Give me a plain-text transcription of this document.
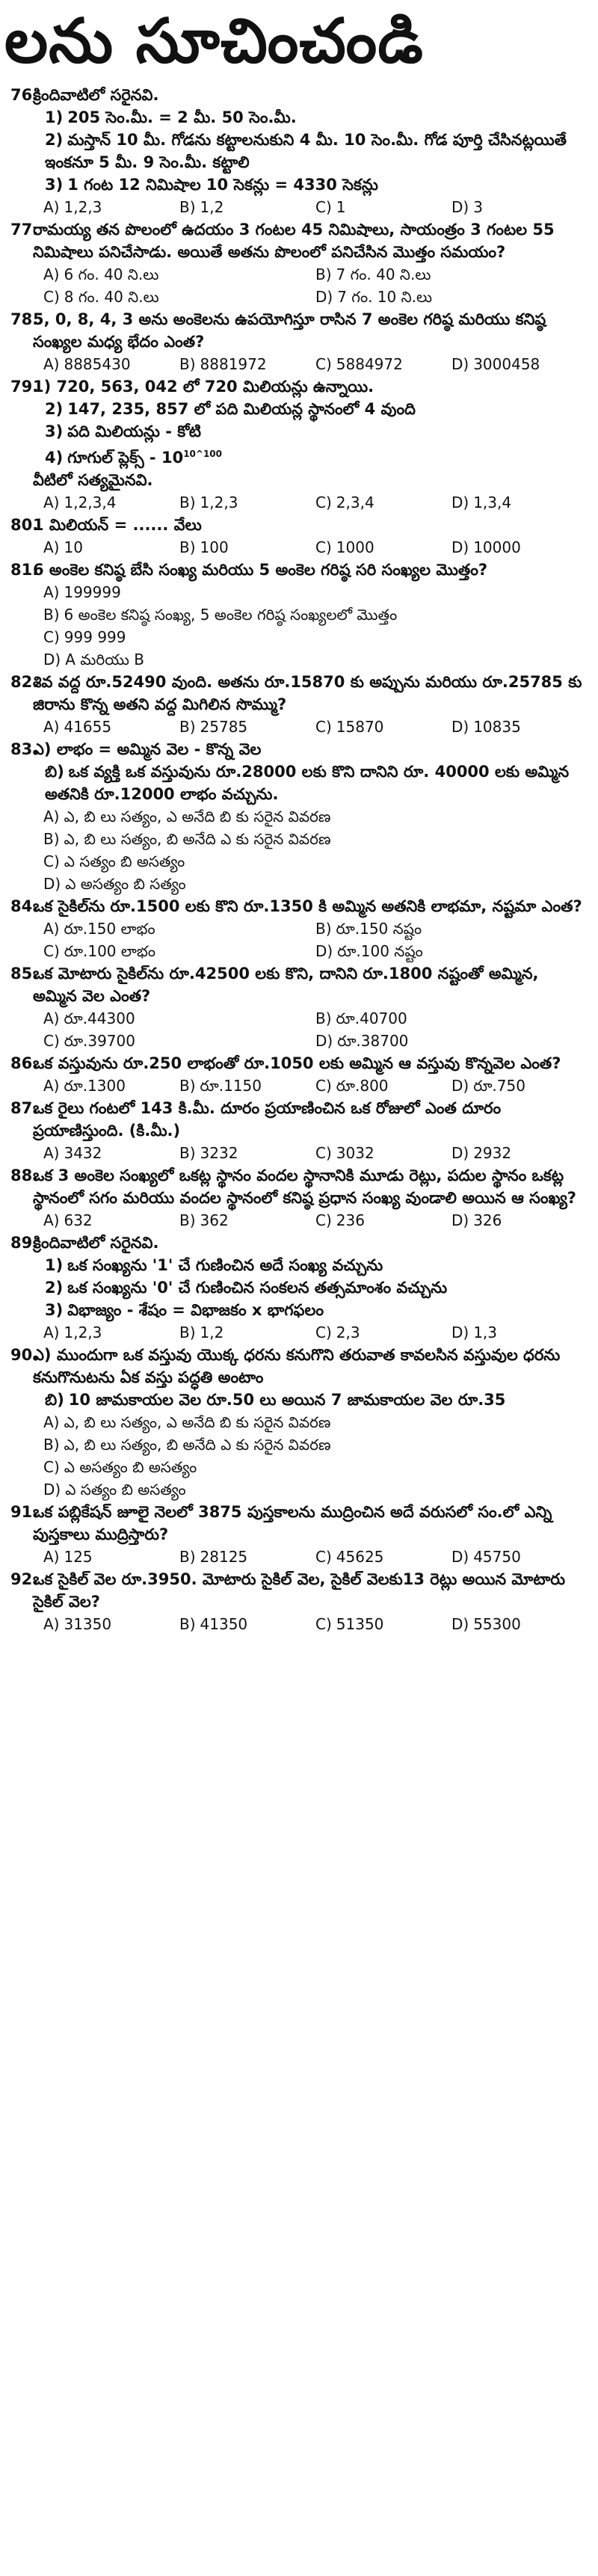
లను సూచించండి
76.
క్రిందివాటిలో సరైనవి.
1) 205 సెం.మీ. = 2 మీ. 50 సెం.మీ.
2) మస్తాన్ 10 మీ. గోడను కట్టాలనుకుని 4 మీ. 10 సెం.మీ. గోడ పూర్తి చేసినట్లయితే ఇంకనూ 5 మీ. 9 సెం.మీ. కట్టాలి
3) 1 గంట 12 నిమిషాల 10 సెకన్లు = 4330 సెకన్లు
A) 1,2,3	B) 1,2	C) 1	D) 3
77.
రామయ్య తన పొలంలో ఉదయం 3 గంటల 45 నిమిషాలు, సాయంత్రం 3 గంటల 55 నిమిషాలు పనిచేసాడు. అయితే అతను పొలంలో పనిచేసిన మొత్తం సమయం?
A) 6 గం. 40 ని.లు	B) 7 గం. 40 ని.లు
C) 8 గం. 40 ని.లు	D) 7 గం. 10 ని.లు
78.
5, 0, 8, 4, 3 అను అంకెలను ఉపయోగిస్తూ రాసిన 7 అంకెల గరిష్ఠ మరియు కనిష్ఠ సంఖ్యల మధ్య భేదం ఎంత?
A) 8885430	B) 8881972	C) 5884972	D) 3000458
79.
1) 720, 563, 042 లో 720 మిలియన్లు ఉన్నాయి.
2) 147, 235, 857 లో పది మిలియన్ల స్థానంలో 4 వుంది
3) పది మిలియన్లు - కోటి
4) గూగుల్ ప్లెక్స్ - $10^{10\^{}100}$
వీటిలో సత్యమైనవి.
A) 1,2,3,4	B) 1,2,3	C) 2,3,4	D) 1,3,4
80.
1 మిలియన్ = ...... వేలు
A) 10	B) 100	C) 1000	D) 10000
81.
6 అంకెల కనిష్ఠ బేసి సంఖ్య మరియు 5 అంకెల గరిష్ఠ సరి సంఖ్యల మొత్తం?
A) 199999
B) 6 అంకెల కనిష్ఠ సంఖ్య, 5 అంకెల గరిష్ఠ సంఖ్యలలో మొత్తం
C) 999 999
D) A మరియు B
82.
శివ వద్ద రూ.52490 వుంది. అతను రూ.15870 కు అప్పును మరియు రూ.25785 కు జిరాను కొన్న అతని వద్ద మిగిలిన సొమ్ము?
A) 41655	B) 25785	C) 15870	D) 10835
83.
ఎ) లాభం = అమ్మిన వెల - కొన్న వెల
బి) ఒక వ్యక్తి ఒక వస్తువును రూ.28000 లకు కొని దానిని రూ. 40000 లకు అమ్మిన అతనికి రూ.12000 లాభం వచ్చును.
A) ఎ, బి లు సత్యం, ఎ అనేది బి కు సరైన వివరణ
B) ఎ, బి లు సత్యం, బి అనేది ఎ కు సరైన వివరణ
C) ఎ సత్యం బి అసత్యం
D) ఎ అసత్యం బి సత్యం
84.
ఒక సైకిల్‌ను రూ.1500 లకు కొని రూ.1350 కి అమ్మిన అతనికి లాభమా, నష్టమా ఎంత?
A) రూ.150 లాభం	B) రూ.150 నష్టం
C) రూ.100 లాభం	D) రూ.100 నష్టం
85.
ఒక మోటారు సైకిల్‌ను రూ.42500 లకు కొని, దానిని రూ.1800 నష్టంతో అమ్మిన, అమ్మిన వెల ఎంత?
A) రూ.44300	B) రూ.40700
C) రూ.39700	D) రూ.38700
86.
ఒక వస్తువును రూ.250 లాభంతో రూ.1050 లకు అమ్మిన ఆ వస్తువు కొన్నవెల ఎంత?
A) రూ.1300	B) రూ.1150	C) రూ.800	D) రూ.750
87.
ఒక రైలు గంటలో 143 కి.మీ. దూరం ప్రయాణించిన ఒక రోజులో ఎంత దూరం ప్రయాణిస్తుంది. (కి.మీ.)
A) 3432	B) 3232	C) 3032	D) 2932
88.
ఒక 3 అంకెల సంఖ్యలో ఒకట్ల స్థానం వందల స్థానానికి మూడు రెట్లు, పదుల స్థానం ఒకట్ల స్థానంలో సగం మరియు వందల స్థానంలో కనిష్ఠ ప్రధాన సంఖ్య వుండాలి అయిన ఆ సంఖ్య?
A) 632	B) 362	C) 236	D) 326
89.
క్రిందివాటిలో సరైనవి.
1) ఒక సంఖ్యను '1' చే గుణించిన అదే సంఖ్య వచ్చును
2) ఒక సంఖ్యను '0' చే గుణించిన సంకలన తత్సమాంశం వచ్చును
3) విభాజ్యం - శేషం = విభాజకం x భాగఫలం
A) 1,2,3	B) 1,2	C) 2,3	D) 1,3
90.
ఎ) ముందుగా ఒక వస్తువు యొక్క ధరను కనుగొని తరువాత కావలసిన వస్తువుల ధరను కనుగొనుటను ఏక వస్తు పద్ధతి అంటాం
బి) 10 జామకాయల వెల రూ.50 లు అయిన 7 జామకాయల వెల రూ.35
A) ఎ, బి లు సత్యం, ఎ అనేది బి కు సరైన వివరణ
B) ఎ, బి లు సత్యం, బి అనేది ఎ కు సరైన వివరణ
C) ఎ అసత్యం బి అసత్యం
D) ఎ సత్యం బి అసత్యం
91.
ఒక పబ్లికేషన్ జూలై నెలలో 3875 పుస్తకాలను ముద్రించిన అదే వరుసలో సం.లో ఎన్ని పుస్తకాలు ముద్రిస్తారు?
A) 125	B) 28125	C) 45625	D) 45750
92.
ఒక సైకిల్ వెల రూ.3950. మోటారు సైకిల్ వెల, సైకిల్ వెలకు13 రెట్లు అయిన మోటారు సైకిల్ వెల?
A) 31350	B) 41350	C) 51350	D) 55300
